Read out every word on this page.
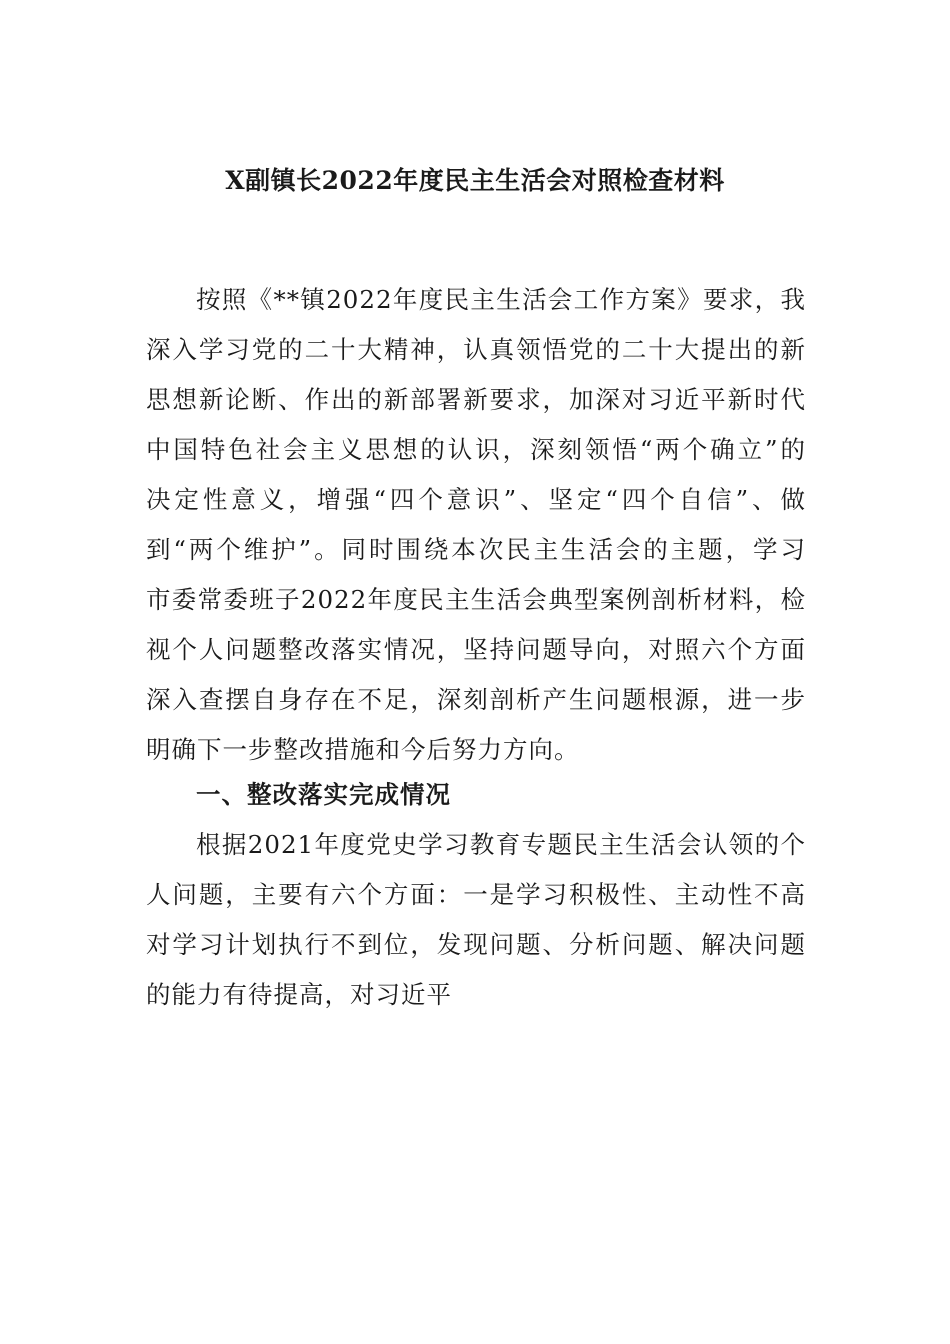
X副镇长2022年度民主生活会对照检查材料
按照《**镇2022年度民主生活会工作方案》要求，我
深入学习党的二十大精神，认真领悟党的二十大提出的新
思想新论断、作出的新部署新要求，加深对习近平新时代
中国特色社会主义思想的认识，深刻领悟“两个确立”的
决定性意义，增强“四个意识”、坚定“四个自信”、做
到“两个维护”。同时围绕本次民主生活会的主题，学习
市委常委班子2022年度民主生活会典型案例剖析材料，检
视个人问题整改落实情况，坚持问题导向，对照六个方面
深入查摆自身存在不足，深刻剖析产生问题根源，进一步
明确下一步整改措施和今后努力方向。
一、整改落实完成情况
根据2021年度党史学习教育专题民主生活会认领的个
人问题，主要有六个方面：一是学习积极性、主动性不高
对学习计划执行不到位，发现问题、分析问题、解决问题
的能力有待提高，对习近平
